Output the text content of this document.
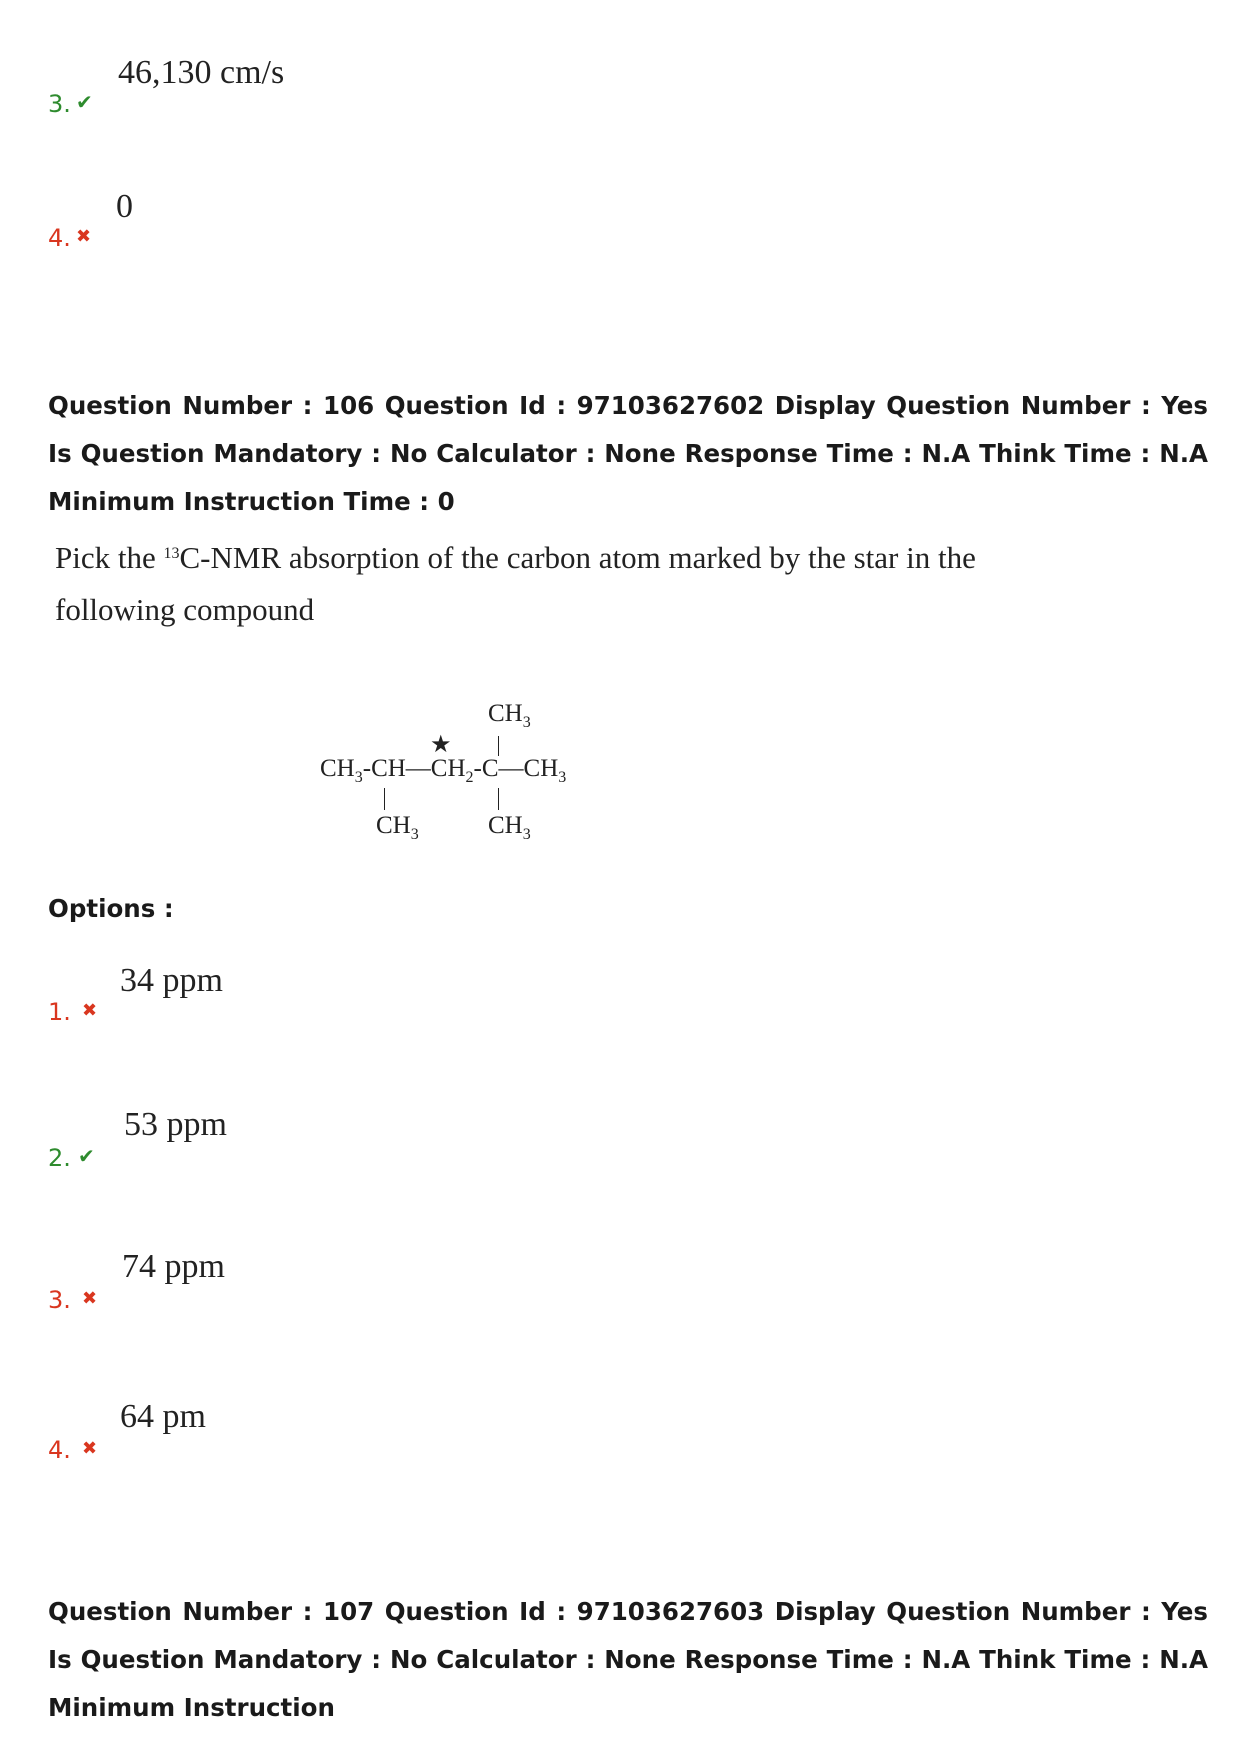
3. ✔
46,130 cm/s
4. ✖
0
Question Number : 106 Question Id : 97103627602 Display Question Number : Yes Is Question Mandatory : No Calculator : None Response Time : N.A Think Time : N.A Minimum Instruction Time : 0
Pick the $^{13}$C-NMR absorption of the carbon atom marked by the star in the following compound
$CH_3$
★
$CH_3-CH—CH_2-C—CH_3$
$CH_3$	$CH_3$
Options :
1. ✖
34 ppm
2. ✔
53 ppm
3. ✖
74 ppm
4. ✖
64 pm
Question Number : 107 Question Id : 97103627603 Display Question Number : Yes Is Question Mandatory : No Calculator : None Response Time : N.A Think Time : N.A Minimum Instruction
